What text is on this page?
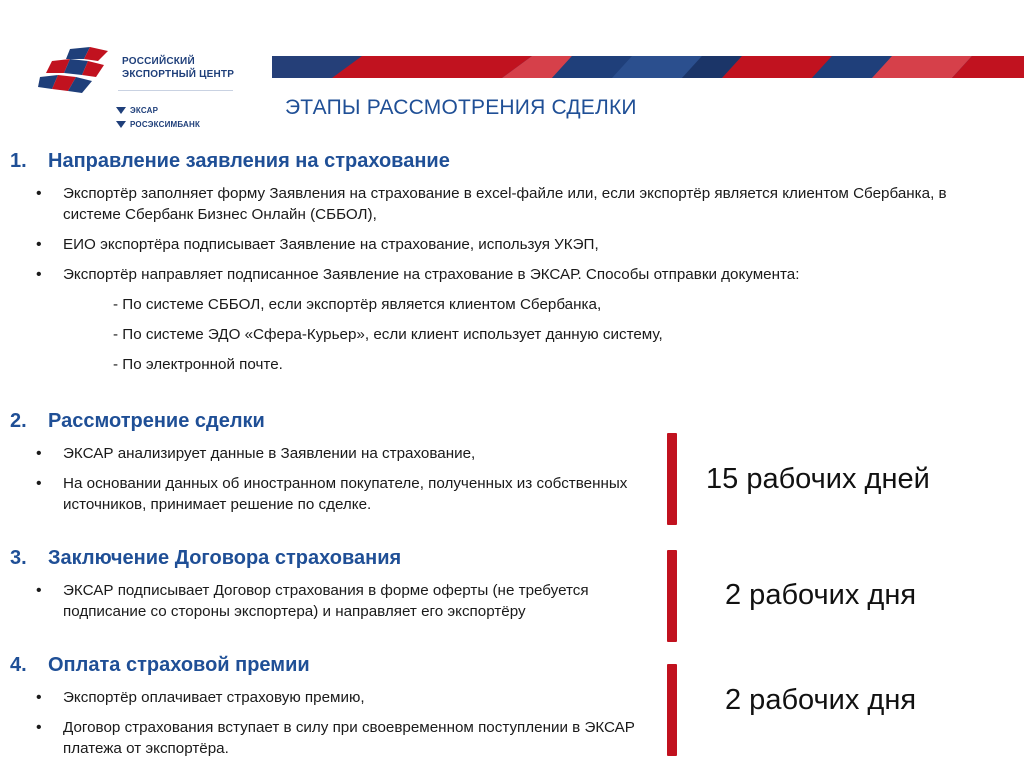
РОССИЙСКИЙ
ЭКСПОРТНЫЙ ЦЕНТР
ЭКСАР
РОСЭКСИМБАНК
ЭТАПЫ РАССМОТРЕНИЯ СДЕЛКИ
1. Направление заявления на страхование
• Экспортёр заполняет форму Заявления на страхование в excel-файле или, если экспортёр является клиентом Сбербанка, в системе Сбербанк Бизнес Онлайн (СББОЛ),
• ЕИО экспортёра подписывает Заявление на страхование, используя УКЭП,
• Экспортёр направляет подписанное Заявление на страхование в ЭКСАР. Способы отправки документа:
- По системе СББОЛ, если экспортёр является клиентом Сбербанка,
- По системе ЭДО «Сфера-Курьер», если клиент использует данную систему,
- По электронной почте.
2. Рассмотрение сделки
• ЭКСАР анализирует данные в Заявлении на страхование,
• На основании данных об иностранном покупателе, полученных из собственных источников, принимает решение по сделке.
15 рабочих дней
3. Заключение Договора страхования
• ЭКСАР подписывает Договор страхования в форме оферты (не требуется подписание со стороны экспортера) и направляет его экспортёру
2 рабочих дня
4. Оплата страховой премии
• Экспортёр оплачивает страховую премию,
• Договор страхования вступает в силу при своевременном поступлении в ЭКСАР платежа от экспортёра.
2 рабочих дня
